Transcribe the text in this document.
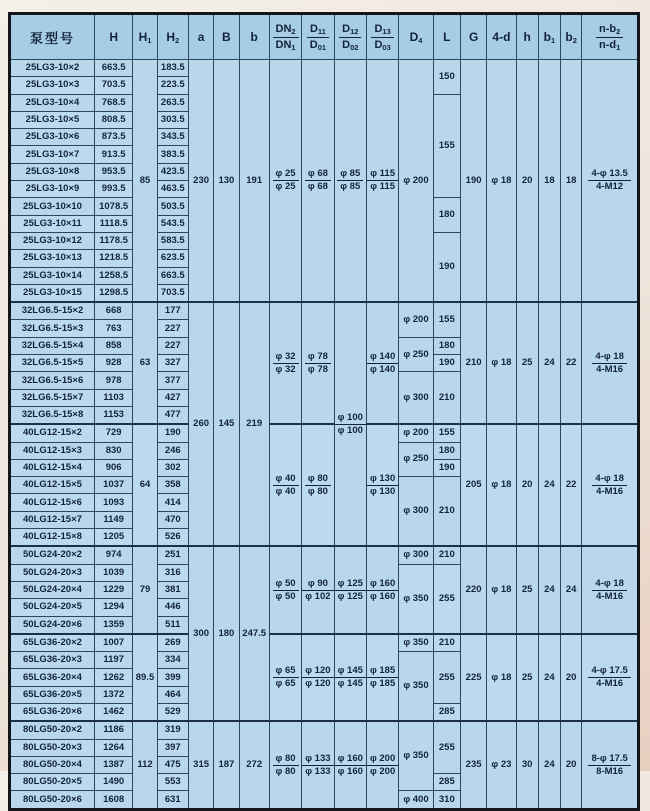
泵型号	H	$H_1$	$H_2$	a	B	b	$\frac{DN_2}{DN_1}$	$\frac{D_{11}}{D_{01}}$	$\frac{D_{12}}{D_{02}}$	$\frac{D_{13}}{D_{03}}$	$D_4$	L	G	4-d	h	$b_1$	$b_2$	$\frac{n-b_2}{n-d_1}$

25LG3-10×2	663.5	85	183.5	230	130	191	$\frac{\varphi 25}{\varphi 25}$	$\frac{\varphi 68}{\varphi 68}$	$\frac{\varphi 85}{\varphi 85}$	$\frac{\varphi 115}{\varphi 115}$	φ 200	150	190	φ 18	20	18	18	$\frac{4-\varphi 13.5}{4-M12}$

25LG3-10×3	703.5		223.5															
25LG3-10×4	768.5		263.5									155						
25LG3-10×5	808.5		303.5															
25LG3-10×6	873.5		343.5															
25LG3-10×7	913.5		383.5															
25LG3-10×8	953.5		423.5															
25LG3-10×9	993.5		463.5															
25LG3-10×10	1078.5		503.5									180						
25LG3-10×11	1118.5		543.5															
25LG3-10×12	1178.5		583.5									190						
25LG3-10×13	1218.5		623.5															
25LG3-10×14	1258.5		663.5															
25LG3-10×15	1298.5		703.5															
32LG6.5-15×2	668	63	177	260	145	219	$\frac{\varphi 32}{\varphi 32}$	$\frac{\varphi 78}{\varphi 78}$	$\frac{\varphi 100}{\varphi 100}$	$\frac{\varphi 140}{\varphi 140}$	φ 200	155	210	φ 18	25	24	22	$\frac{4-\varphi 18}{4-M16}$

32LG6.5-15×3	763		227															
32LG6.5-15×4	858		227								φ 250	180						
32LG6.5-15×5	928		327									190						
32LG6.5-15×6	978		377								φ 300	210						
32LG6.5-15×7	1103		427															
32LG6.5-15×8	1153		477															
40LG12-15×2	729	64	190				$\frac{\varphi 40}{\varphi 40}$	$\frac{\varphi 80}{\varphi 80}$		$\frac{\varphi 130}{\varphi 130}$	φ 200	155	205	φ 18	20	24	22	$\frac{4-\varphi 18}{4-M16}$

40LG12-15×3	830		246								φ 250	180						
40LG12-15×4	906		302									190						
40LG12-15×5	1037		358								φ 300	210						
40LG12-15×6	1093		414															
40LG12-15×7	1149		470															
40LG12-15×8	1205		526															
50LG24-20×2	974	79	251	300	180	247.5	$\frac{\varphi 50}{\varphi 50}$	$\frac{\varphi 90}{\varphi 102}$	$\frac{\varphi 125}{\varphi 125}$	$\frac{\varphi 160}{\varphi 160}$	φ 300	210	220	φ 18	25	24	24	$\frac{4-\varphi 18}{4-M16}$

50LG24-20×3	1039		316								φ 350	255						
50LG24-20×4	1229		381															
50LG24-20×5	1294		446															
50LG24-20×6	1359		511															
65LG36-20×2	1007	89.5	269				$\frac{\varphi 65}{\varphi 65}$	$\frac{\varphi 120}{\varphi 120}$	$\frac{\varphi 145}{\varphi 145}$	$\frac{\varphi 185}{\varphi 185}$	φ 350	210	225	φ 18	25	24	20	$\frac{4-\varphi 17.5}{4-M16}$

65LG36-20×3	1197		334								φ 350	255						
65LG36-20×4	1262		399															
65LG36-20×5	1372		464															
65LG36-20×6	1462		529									285						
80LG50-20×2	1186	112	319	315	187	272	$\frac{\varphi 80}{\varphi 80}$	$\frac{\varphi 133}{\varphi 133}$	$\frac{\varphi 160}{\varphi 160}$	$\frac{\varphi 200}{\varphi 200}$	φ 350	255	235	φ 23	30	24	20	$\frac{8-\varphi 17.5}{8-M16}$

80LG50-20×3	1264		397															
80LG50-20×4	1387		475															
80LG50-20×5	1490		553									285						
80LG50-20×6	1608		631								φ 400	310						
